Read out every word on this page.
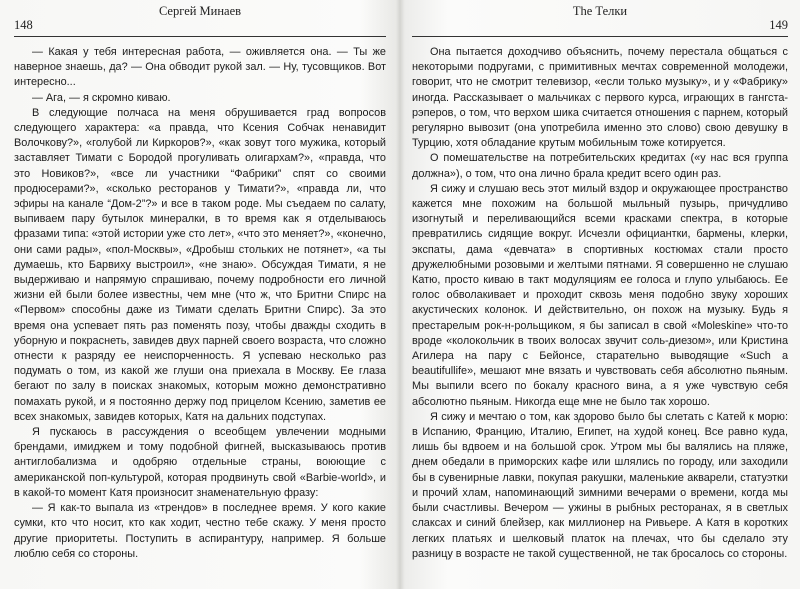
Сергей Минаев
148

— Какая у тебя интересная работа, — оживляется она. — Ты же наверное знаешь, да? — Она обводит рукой зал. — Ну, тусовщиков. Вот интересно...

— Ага, — я скромно киваю.

В следующие полчаса на меня обрушивается град вопросов следующего характера: «а правда, что Ксения Собчак ненавидит Волочкову?», «голубой ли Киркоров?», «как зовут того мужика, который заставляет Тимати с Бородой прогуливать олигархам?», «правда, что это Новиков?», «все ли участники “Фабрики” спят со своими продюсерами?», «сколько ресторанов у Тимати?», «правда ли, что эфиры на канале “Дом-2”?» и все в таком роде. Мы съедаем по салату, выпиваем пару бутылок минералки, в то время как я отделываюсь фразами типа: «этой истории уже сто лет», «что это меняет?», «конечно, они сами рады», «пол-Москвы», «Дробыш стольких не потянет», «а ты думаешь, кто Барвиху выстроил», «не знаю». Обсуждая Тимати, я не выдерживаю и напрямую спрашиваю, почему подробности его личной жизни ей были более известны, чем мне (что ж, что Бритни Спирс на «Первом» способны даже из Тимати сделать Бритни Спирс). За это время она успевает пять раз поменять позу, чтобы дважды сходить в уборную и покраснеть, завидев двух парней своего возраста, что сложно отнести к разряду ее неиспорченность. Я успеваю несколько раз подумать о том, из какой же глуши она приехала в Москву. Ее глаза бегают по залу в поисках знакомых, которым можно демонстративно помахать рукой, и я постоянно держу под прицелом Ксению, заметив ее всех знакомых, завидев которых, Катя на дальних подступах.

Я пускаюсь в рассуждения о всеобщем увлечении модными брендами, имиджем и тому подобной фигней, высказываюсь против антиглобализма и одобряю отдельные страны, воюющие с американской поп-культурой, которая продвинуть свой «Barbie-world», и в какой-то момент Катя произносит знаменательную фразу:

— Я как-то выпала из «трендов» в последнее время. У кого какие сумки, кто что носит, кто как ходит, честно тебе скажу. У меня просто другие приоритеты. Поступить в аспирантуру, например. Я больше люблю себя со стороны.

The Телки
149

Она пытается доходчиво объяснить, почему перестала общаться с некоторыми подругами, с примитивных мечтах современной молодежи, говорит, что не смотрит телевизор, «если только музыку», и у «Фабрику» иногда. Рассказывает о мальчиках с первого курса, играющих в гангста-рэперов, о том, что верхом шика считается отношения с парнем, который регулярно вывозит (она употребила именно это слово) свою девушку в Турцию, хотя обладание крутым мобильным тоже котируется.

О помешательстве на потребительских кредитах («у нас вся группа должна»), о том, что она лично брала кредит всего один раз.

Я сижу и слушаю весь этот милый вздор и окружающее пространство кажется мне похожим на большой мыльный пузырь, причудливо изогнутый и переливающийся всеми красками спектра, в которые превратились сидящие вокруг. Исчезли официантки, бармены, клерки, экспаты, дама «девчата» в спортивных костюмах стали просто дружелюбными розовыми и желтыми пятнами. Я совершенно не слушаю Катю, просто киваю в такт модуляциям ее голоса и глупо улыбаюсь. Ее голос обволакивает и проходит сквозь меня подобно звуку хороших акустических колонок. И действительно, он похож на музыку. Будь я престарелым рок-н-рольщиком, я бы записал в свой «Moleskine» что-то вроде «колокольчик в твоих волосах звучит соль-диезом», или Кристина Агилера на пару с Бейонсе, старательно выводящие «Such a beautifullife», мешают мне вязать и чувствовать себя абсолютно пьяным. Мы выпили всего по бокалу красного вина, а я уже чувствую себя абсолютно пьяным. Никогда еще мне не было так хорошо.

Я сижу и мечтаю о том, как здорово было бы слетать с Катей к морю: в Испанию, Францию, Италию, Египет, на худой конец. Все равно куда, лишь бы вдвоем и на большой срок. Утром мы бы валялись на пляже, днем обедали в приморских кафе или шлялись по городу, или заходили бы в сувенирные лавки, покупая ракушки, маленькие акварели, статуэтки и прочий хлам, напоминающий зимними вечерами о времени, когда мы были счастливы. Вечером — ужины в рыбных ресторанах, я в светлых слаксах и синий блейзер, как миллионер на Ривьере. А Катя в коротких легких платьях и шелковый платок на плечах, что бы сделало эту разницу в возрасте не такой существенной, не так бросалось со стороны.
